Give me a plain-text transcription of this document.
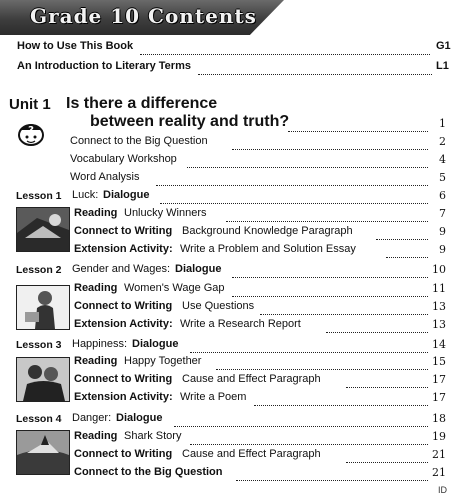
Grade 10 Contents
How to Use This Book	G1
An Introduction to Literary Terms	L1
Unit 1 Is there a difference
between reality and truth?	1
?
Connect to the Big Question	2
Vocabulary Workshop	4
Word Analysis	5
Lesson 1 Luck: Dialogue	6
Reading Unlucky Winners	7
Connect to Writing Background Knowledge Paragraph	9
Extension Activity: Write a Problem and Solution Essay	9
Lesson 2 Gender and Wages: Dialogue	10
Reading Women's Wage Gap	11
Connect to Writing Use Questions	13
Extension Activity: Write a Research Report	13
Lesson 3 Happiness: Dialogue	14
Reading Happy Together	15
Connect to Writing Cause and Effect Paragraph	17
Extension Activity: Write a Poem	17
Lesson 4 Danger: Dialogue	18
Reading Shark Story	19
Connect to Writing Cause and Effect Paragraph	21
Connect to the Big Question	21
ID
